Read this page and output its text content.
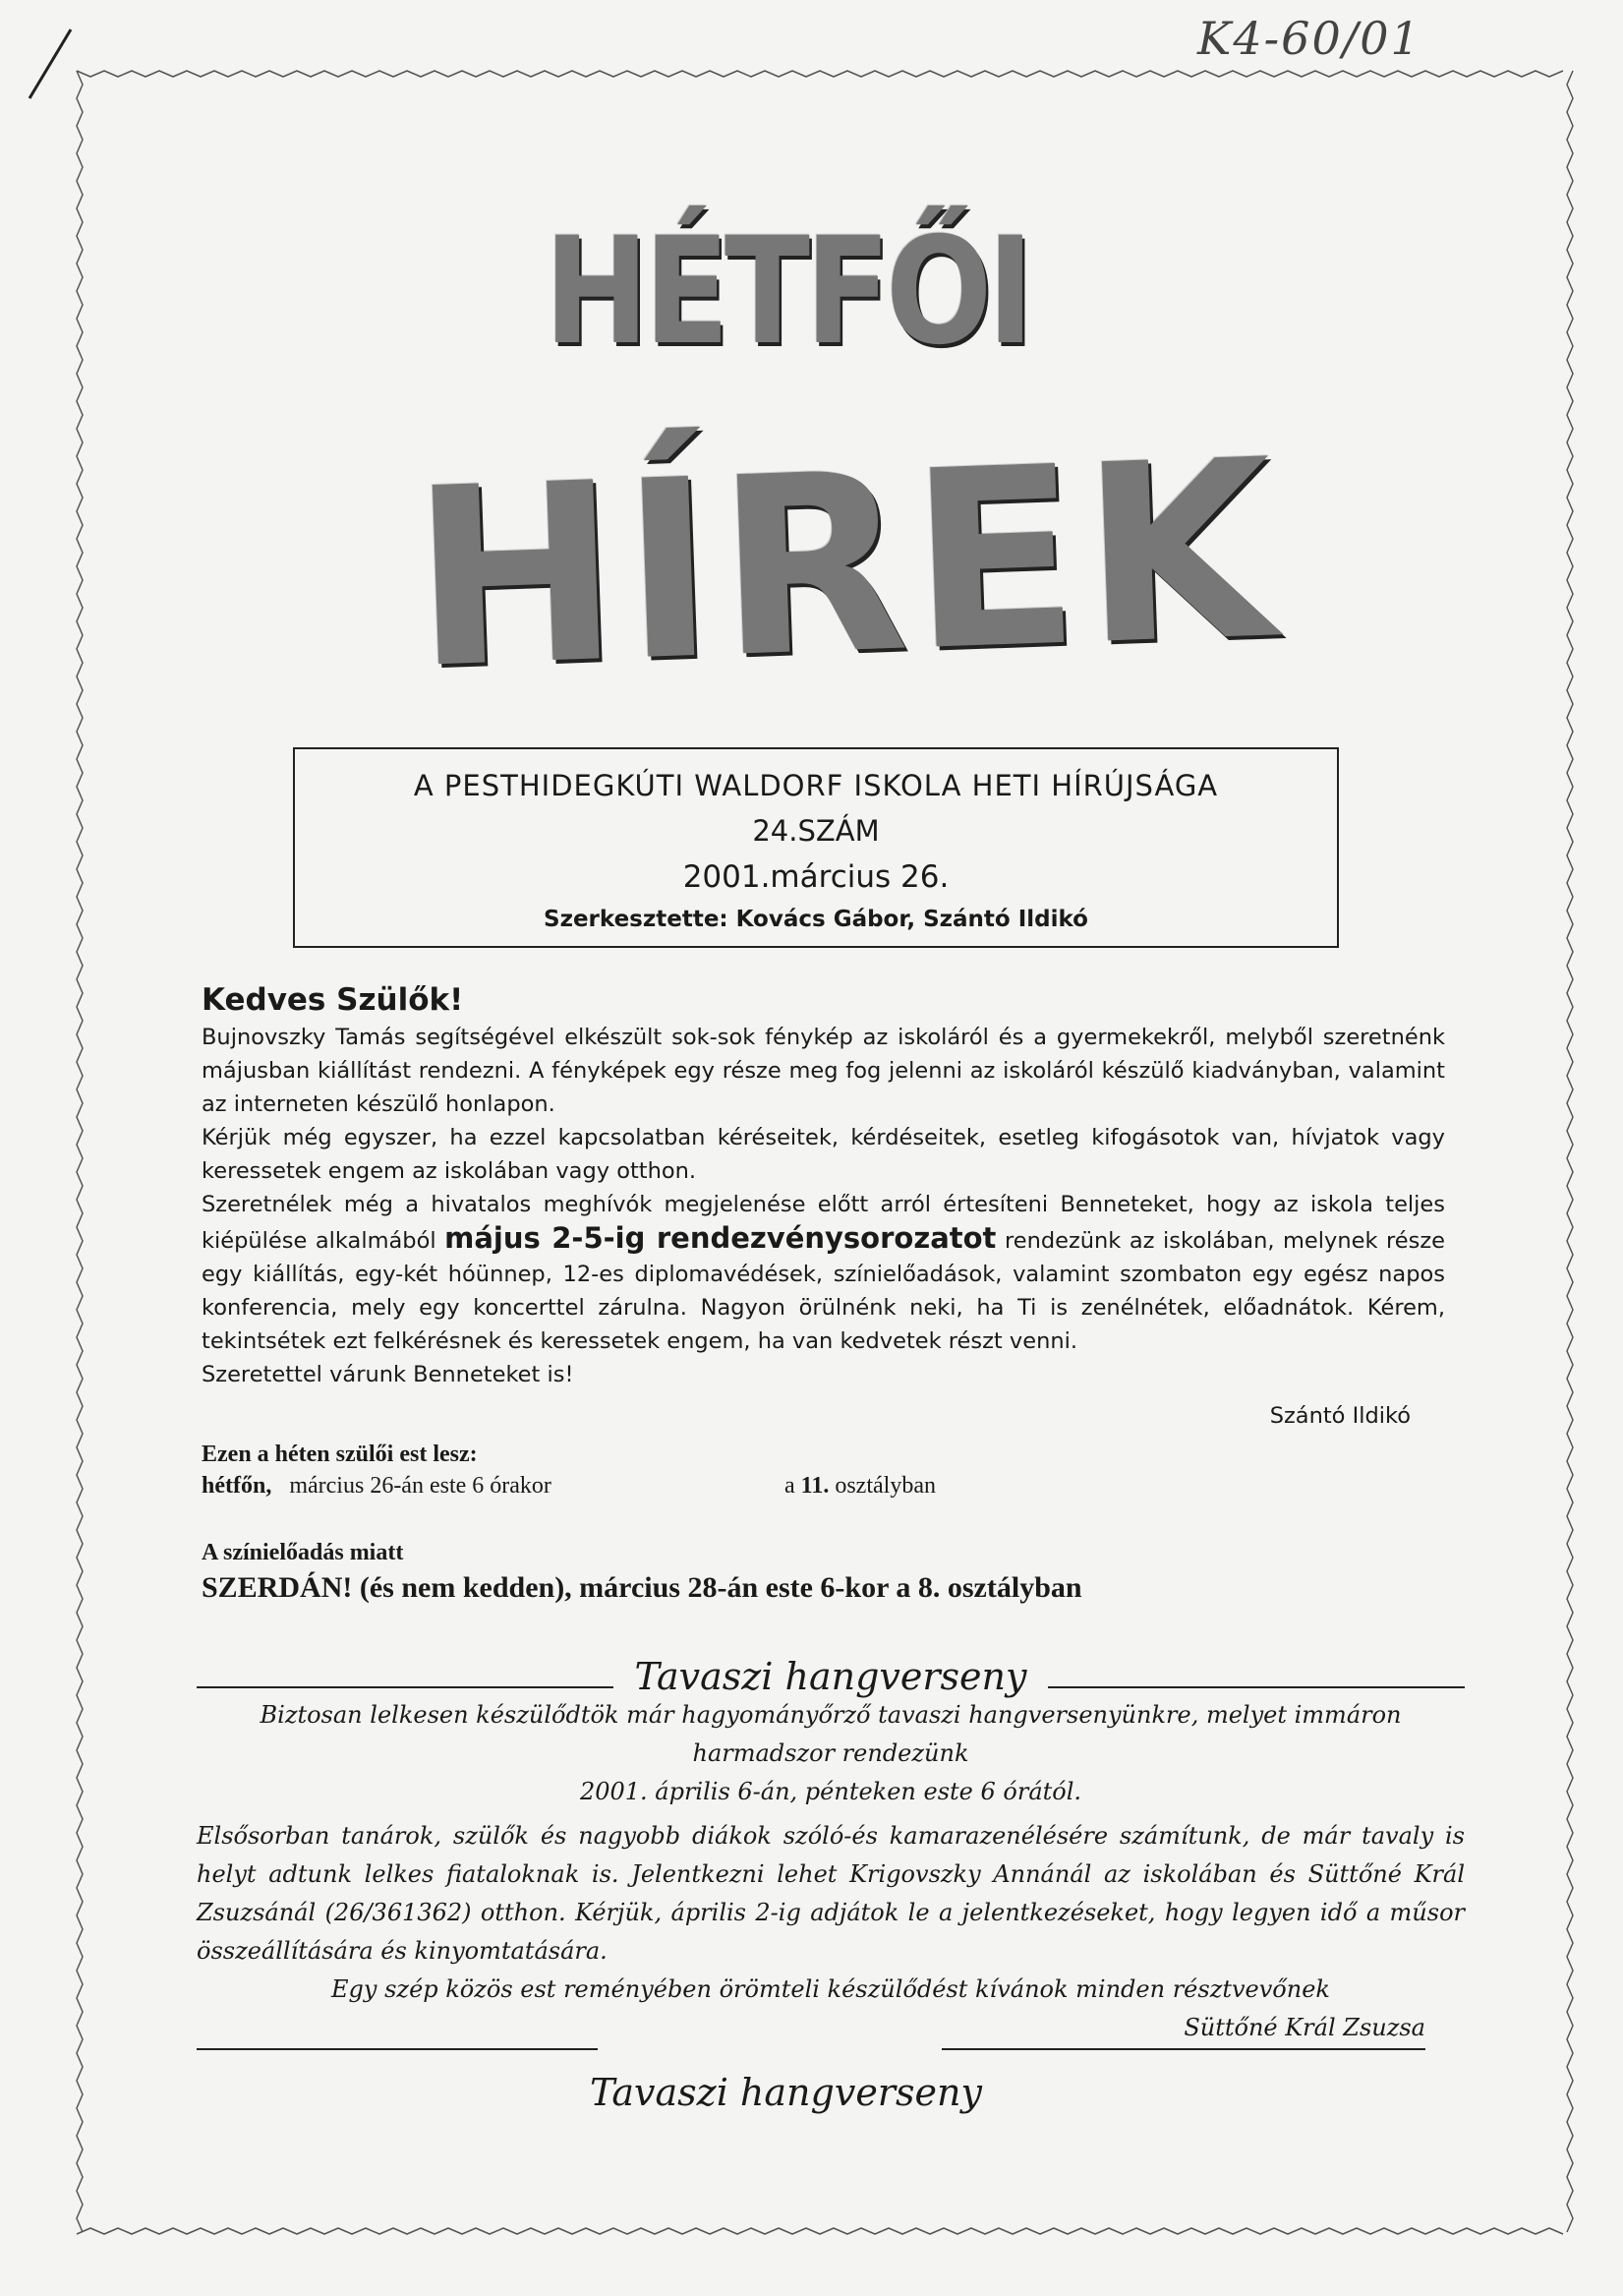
K4-60/01
HÉTFŐI
HÍREK
A PESTHIDEGKÚTI WALDORF ISKOLA HETI HÍRÚJSÁGA
24.SZÁM
2001.március 26.
Szerkesztette: Kovács Gábor, Szántó Ildikó
Kedves Szülők!

Bujnovszky Tamás segítségével elkészült sok-sok fénykép az iskoláról és a gyermekekről, melyből szeretnénk májusban kiállítást rendezni. A fényképek egy része meg fog jelenni az iskoláról készülő kiadványban, valamint az interneten készülő honlapon.

Kérjük még egyszer, ha ezzel kapcsolatban kéréseitek, kérdéseitek, esetleg kifogásotok van, hívjatok vagy keressetek engem az iskolában vagy otthon.

Szeretnélek még a hivatalos meghívók megjelenése előtt arról értesíteni Benneteket, hogy az iskola teljes kiépülése alkalmából május 2-5-ig rendezvénysorozatot rendezünk az iskolában, melynek része egy kiállítás, egy-két hóünnep, 12-es diplomavédések, színielőadások, valamint szombaton egy egész napos konferencia, mely egy koncerttel zárulna. Nagyon örülnénk neki, ha Ti is zenélnétek, előadnátok. Kérem, tekintsétek ezt felkérésnek és keressetek engem, ha van kedvetek részt venni.

Szeretettel várunk Benneteket is!

Szántó Ildikó
Ezen a héten szülői est lesz:
hétfőn, március 26-án este 6 órakor	a 11. osztályban
A színielőadás miatt
SZERDÁN! (és nem kedden), március 28-án este 6-kor a 8. osztályban
Tavaszi hangverseny
Biztosan lelkesen készülődtök már hagyományőrző tavaszi hangversenyünkre, melyet immáron harmadszor rendezünk
2001. április 6-án, pénteken este 6 órától.
Elsősorban tanárok, szülők és nagyobb diákok szóló-és kamarazenélésére számítunk, de már tavaly is helyt adtunk lelkes fiataloknak is. Jelentkezni lehet Krigovszky Annánál az iskolában és Süttőné Král Zsuzsánál (26/361362) otthon. Kérjük, április 2-ig adjátok le a jelentkezéseket, hogy legyen idő a műsor összeállítására és kinyomtatására.
Egy szép közös est reményében örömteli készülődést kívánok minden résztvevőnek
Süttőné Král Zsuzsa
Tavaszi hangverseny
